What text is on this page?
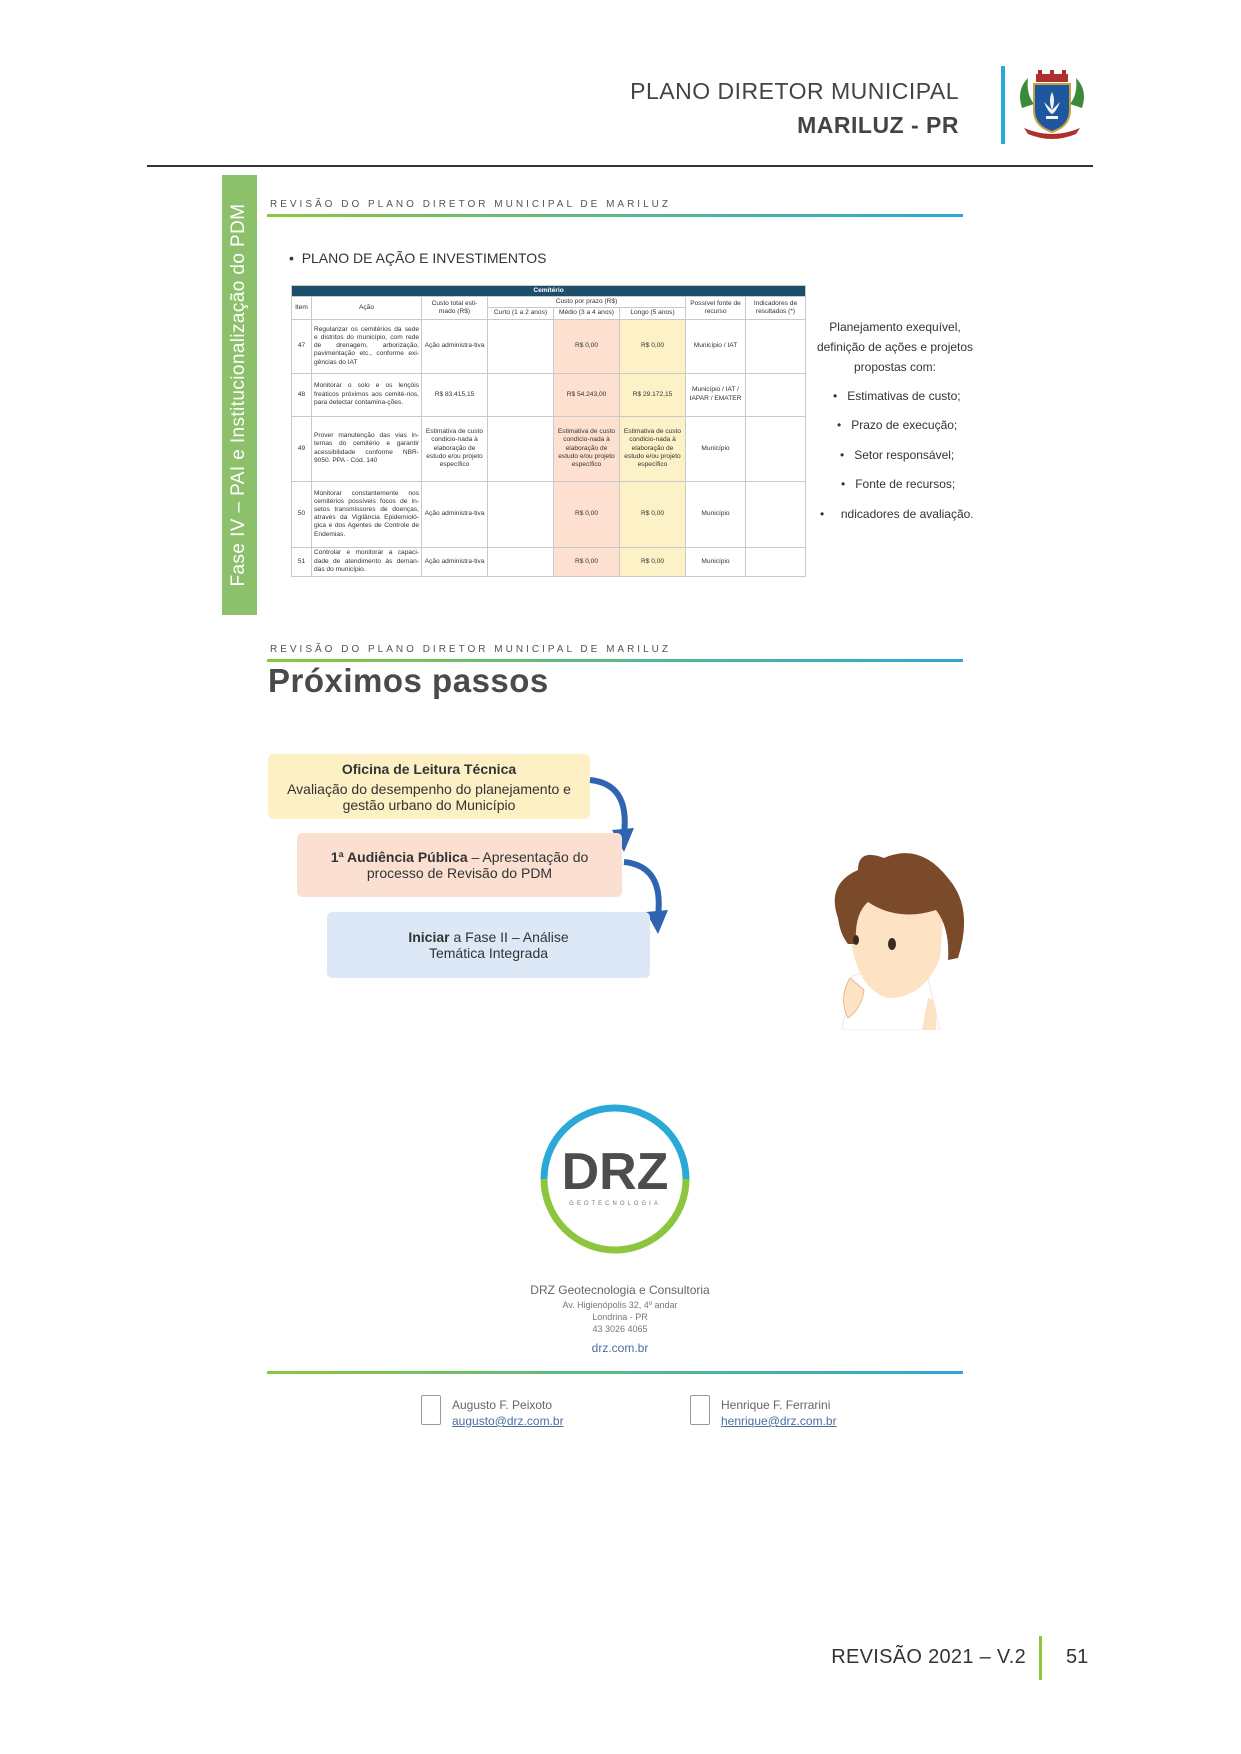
PLANO DIRETOR MUNICIPAL
MARILUZ - PR
Fase IV – PAI e Institucionalização do PDM REVISÃO DO PLANO DIRETOR MUNICIPAL DE MARILUZ
•  PLANO DE AÇÃO E INVESTIMENTOS
Cemitério							
Item	Ação	Custo total esti-mado (R$)	Custo por prazo (R$)			Possível fonte de recurso	Indicadores de resultados (*)
			Curto (1 a 2 anos)	Médio (3 a 4 anos)	Longo (5 anos)		
47	Regularizar os cemitérios da sede e distritos do município, com rede de drenagem, arborização, pavimentação etc., conforme exi-gências do IAT	Ação administra-tiva		R$ 0,00	R$ 0,00	Município / IAT	
48	Monitorar o solo e os lençóis freáticos próximos aos cemité-rios, para detectar contamina-ções.	R$ 83.415,15		R$ 54.243,00	R$ 29.172,15	Município / IAT / IAPAR / EMATER	
49	Prover manutenção das vias in-ternas do cemitério e garantir acessibilidade conforme NBR-9050. PPA - Cód. 140	Estimativa de custo condicio-nada à elaboração de estudo e/ou projeto específico		Estimativa de custo condicio-nada à elaboração de estudo e/ou projeto específico	Estimativa de custo condicio-nada à elaboração de estudo e/ou projeto específico	Município	
50	Monitorar constantemente nos cemitérios possíveis focos de in-setos transmissores de doenças, através da Vigilância Epidemioló-gica e dos Agentes de Controle de Endemias.	Ação administra-tiva		R$ 0,00	R$ 0,00	Município	
51	Controlar e monitorar a capaci-dade de atendimento às deman-das do município.	Ação administra-tiva		R$ 0,00	R$ 0,00	Município	
Planejamento exequível, definição de ações e projetos propostas com:
•   Estimativas de custo;
•   Prazo de execução;
•   Setor responsável;
•   Fonte de recursos;
•     ndicadores de avaliação.
REVISÃO DO PLANO DIRETOR MUNICIPAL DE MARILUZ
Próximos passos
Oficina de Leitura Técnica
Avaliação do desempenho do planejamento e gestão urbano do Município
1ª Audiência Pública – Apresentação do processo de Revisão do PDM
Iniciar a Fase II – Análise Temática Integrada
DRZ
GEOTECNOLOGIA
DRZ Geotecnologia e Consultoria
Av. Higienópolis 32, 4º andar
Londrina - PR
43 3026 4065
drz.com.br
Augusto F. Peixoto
augusto@drz.com.br
Henrique F. Ferrarini
henrique@drz.com.br
REVISÃO 2021 – V.2 51
